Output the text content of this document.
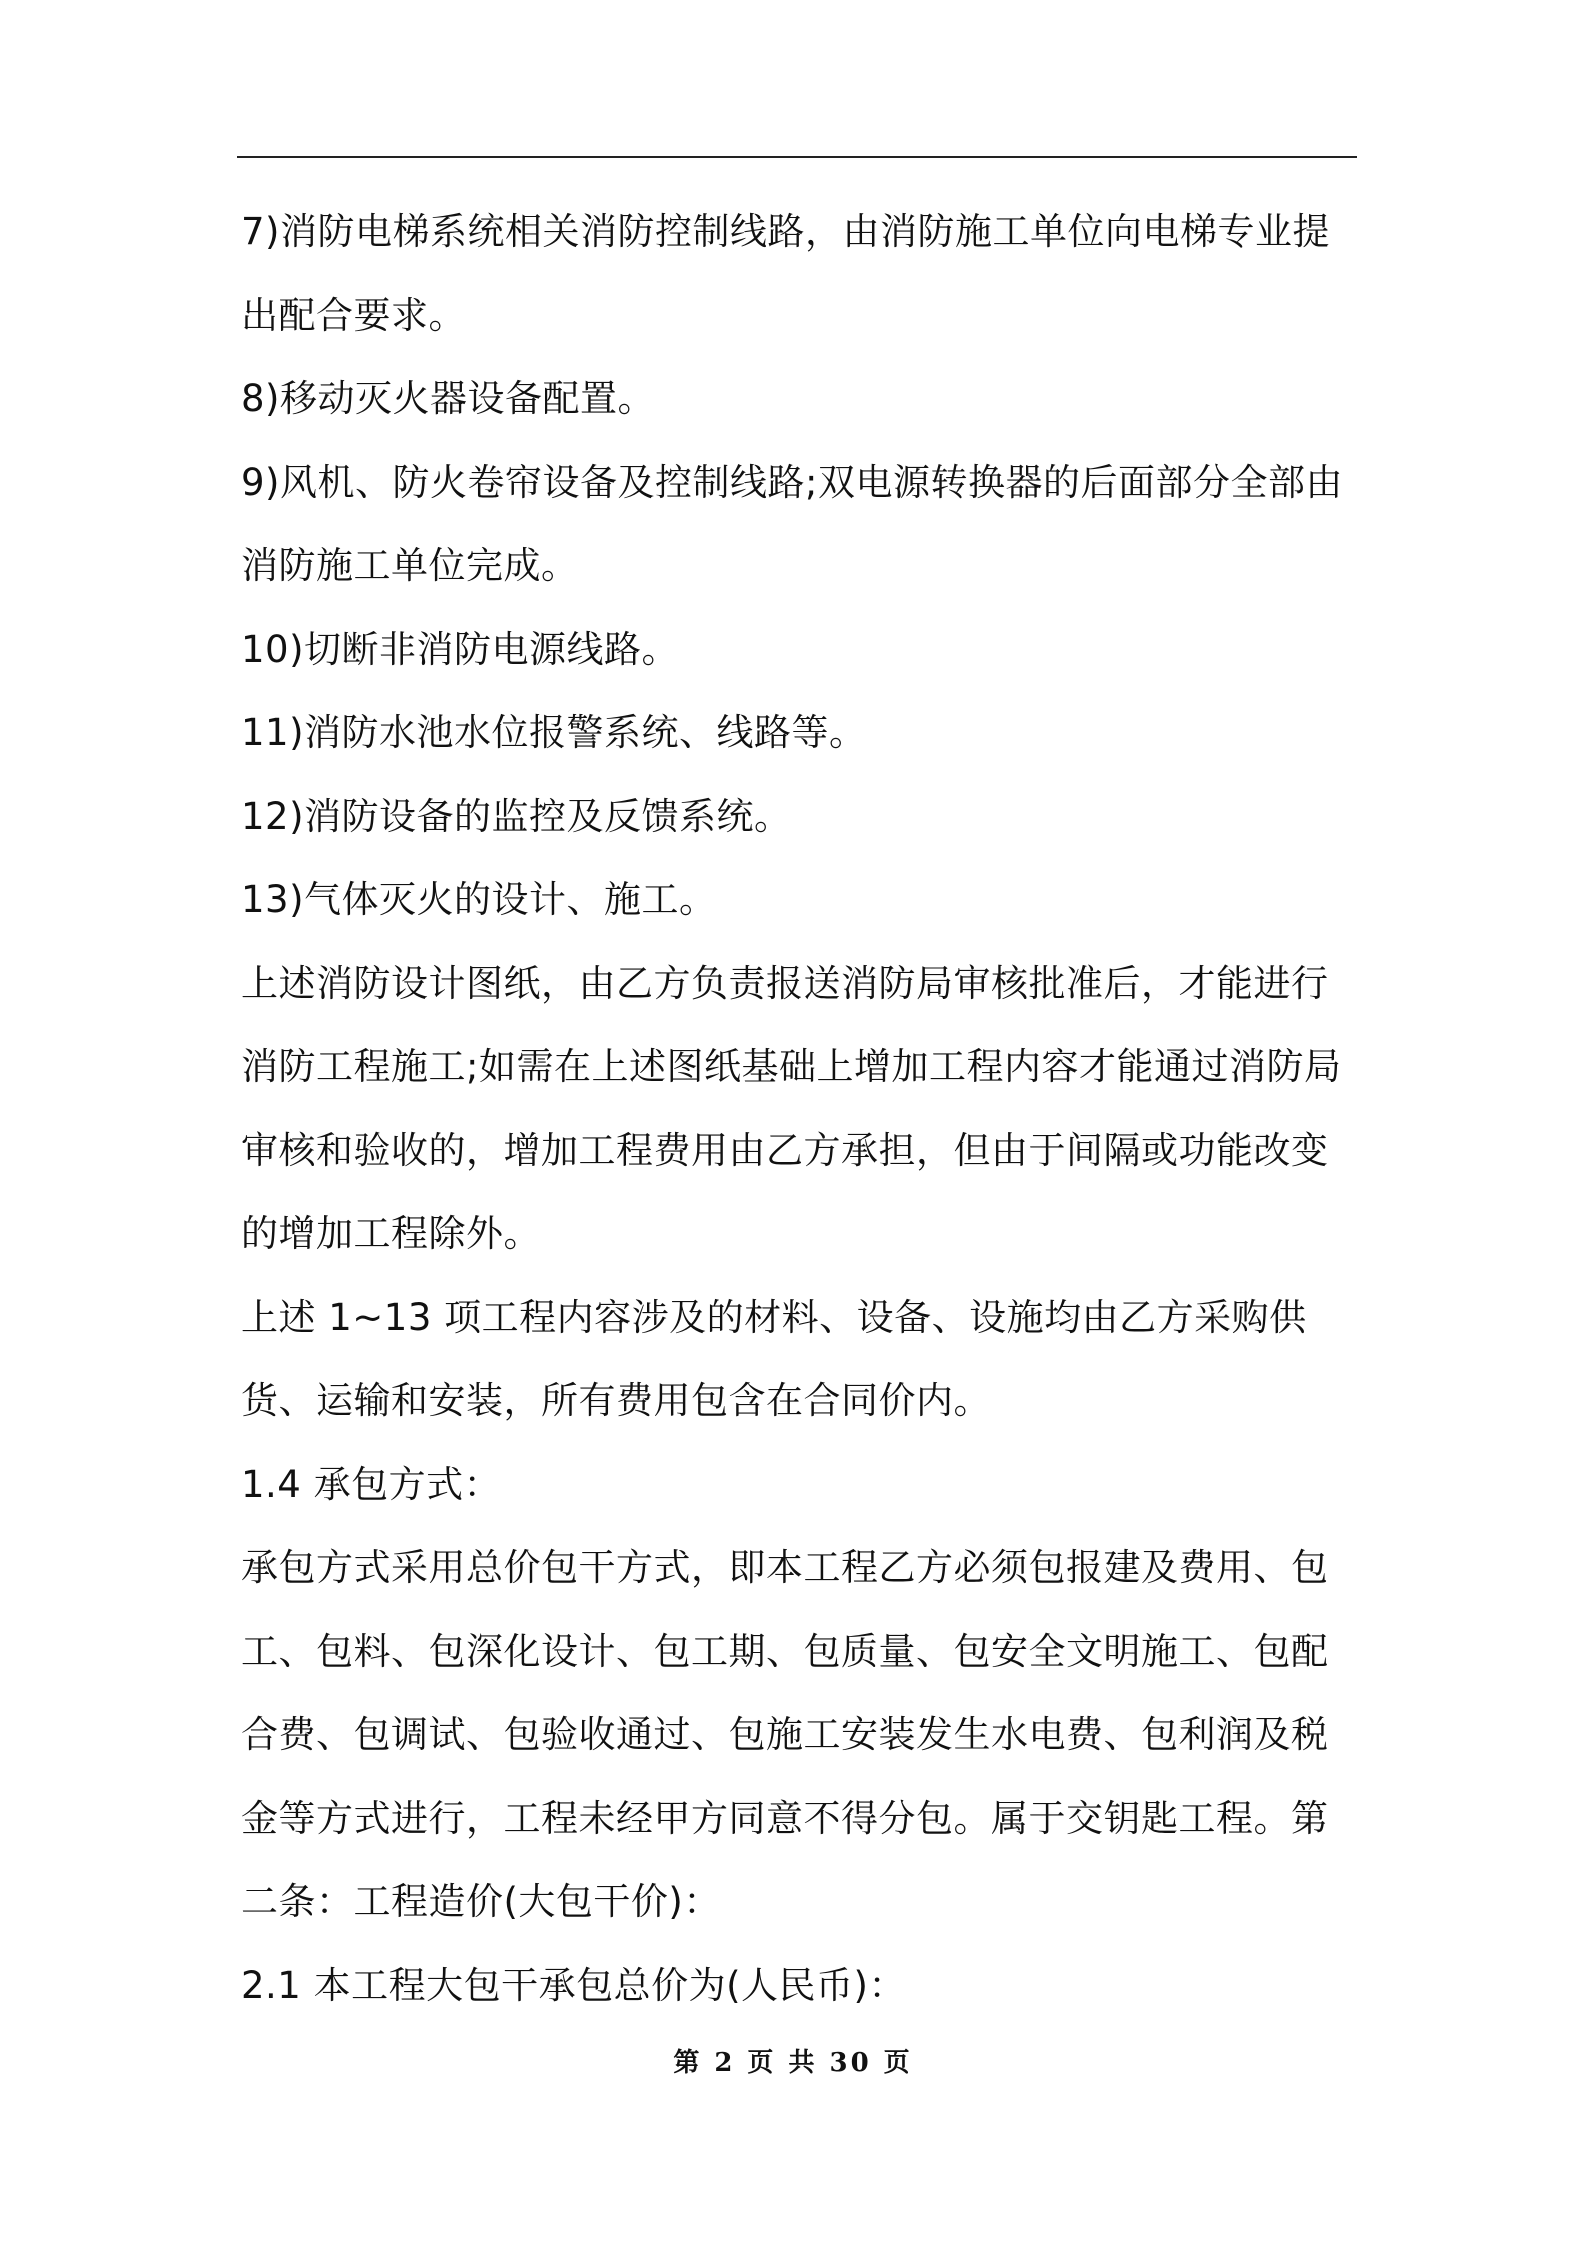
7)消防电梯系统相关消防控制线路，由消防施工单位向电梯专业提出配合要求。

8)移动灭火器设备配置。

9)风机、防火卷帘设备及控制线路;双电源转换器的后面部分全部由消防施工单位完成。

10)切断非消防电源线路。

11)消防水池水位报警系统、线路等。

12)消防设备的监控及反馈系统。

13)气体灭火的设计、施工。

上述消防设计图纸，由乙方负责报送消防局审核批准后，才能进行消防工程施工;如需在上述图纸基础上增加工程内容才能通过消防局审核和验收的，增加工程费用由乙方承担，但由于间隔或功能改变的增加工程除外。

上述 1~13 项工程内容涉及的材料、设备、设施均由乙方采购供货、运输和安装，所有费用包含在合同价内。

1.4 承包方式：

承包方式采用总价包干方式，即本工程乙方必须包报建及费用、包工、包料、包深化设计、包工期、包质量、包安全文明施工、包配合费、包调试、包验收通过、包施工安装发生水电费、包利润及税金等方式进行，工程未经甲方同意不得分包。属于交钥匙工程。第二条：工程造价(大包干价)：

2.1 本工程大包干承包总价为(人民币)：

第 2 页 共 30 页
